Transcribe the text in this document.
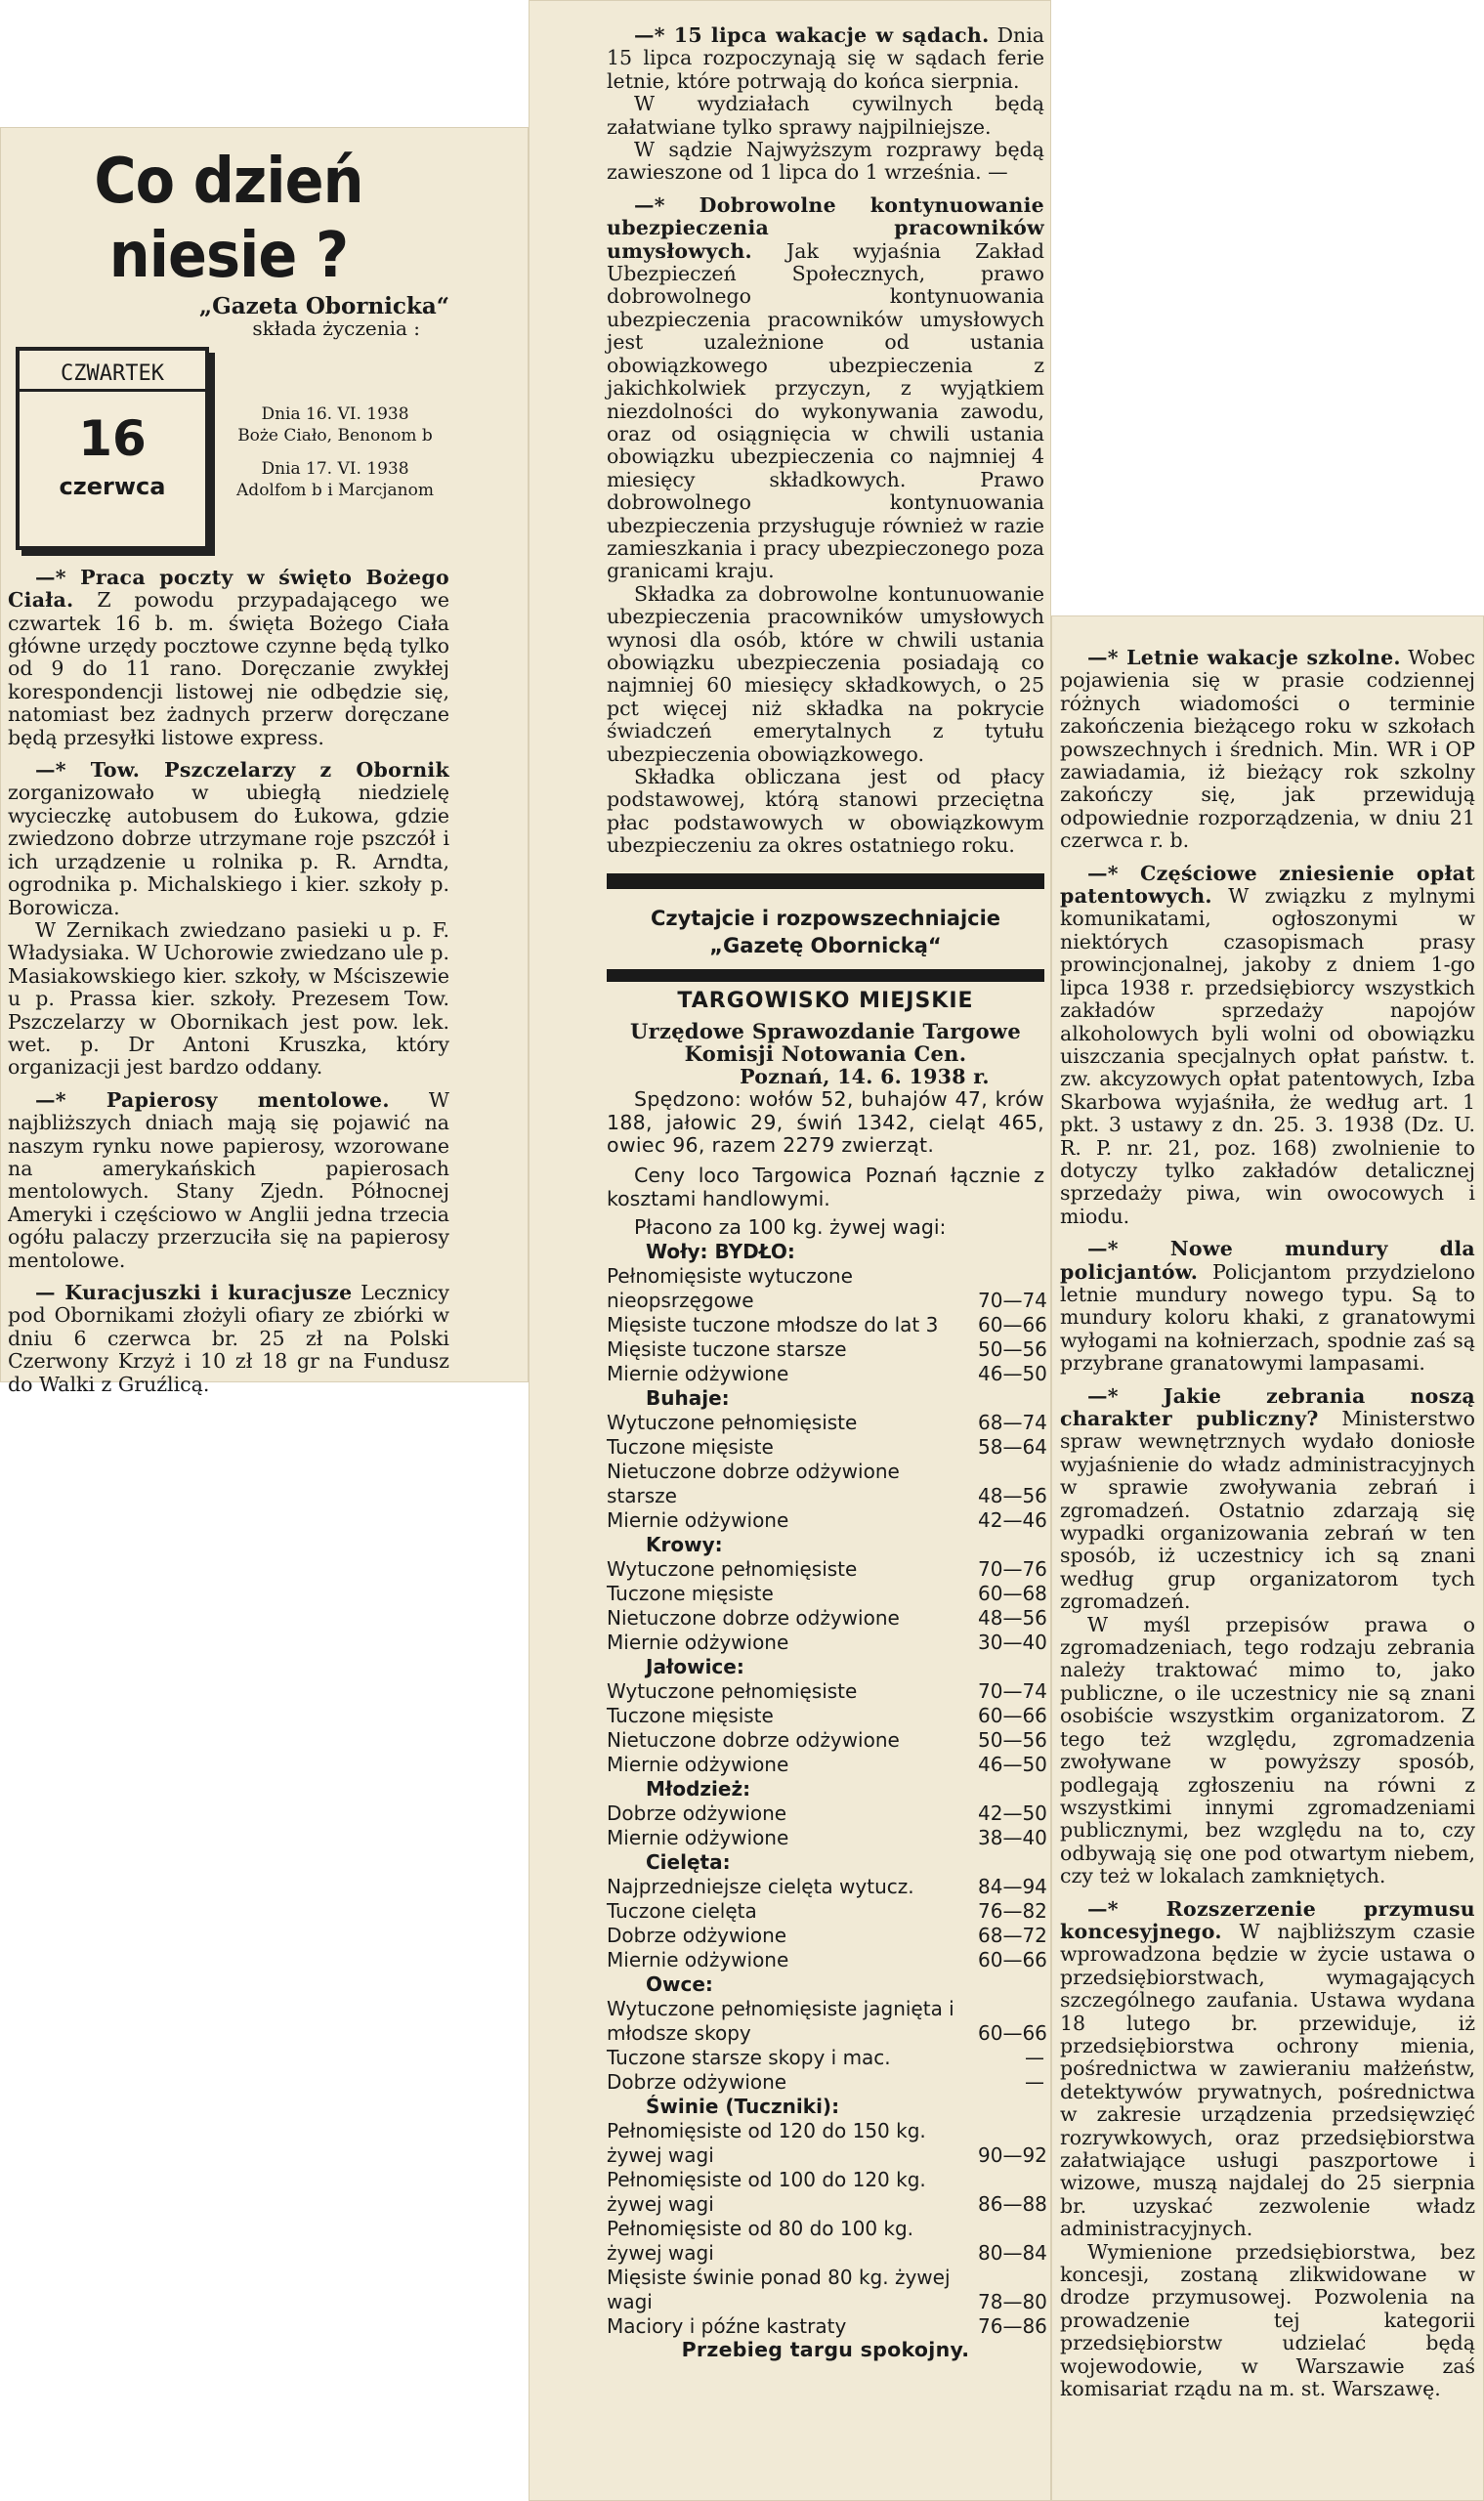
Co dzień niesie ?
„Gazeta Obornicka“
składa życzenia :
CZWARTEK
16
czerwca
Dnia 16. VI. 1938
Boże Ciało, Benonom b
Dnia 17. VI. 1938
Adolfom b i Marcjanom

—* Praca poczty w święto Bożego Ciała. Z powodu przypadającego we czwartek 16 b. m. święta Bożego Ciała główne urzędy pocztowe czynne będą tylko od 9 do 11 rano. Doręczanie zwykłej korespondencji listowej nie odbędzie się, natomiast bez żadnych przerw doręczane będą przesyłki listowe express.

—* Tow. Pszczelarzy z Obornik zorganizowało w ubiegłą niedzielę wycieczkę autobusem do Łukowa, gdzie zwiedzono dobrze utrzymane roje pszczół i ich urządzenie u rolnika p. R. Arndta, ogrodnika p. Michalskiego i kier. szkoły p. Borowicza.

W Zernikach zwiedzano pasieki u p. F. Władysiaka. W Uchorowie zwiedzano ule p. Masiakowskiego kier. szkoły, w Mściszewie u p. Prassa kier. szkoły. Prezesem Tow. Pszczelarzy w Obornikach jest pow. lek. wet. p. Dr Antoni Kruszka, który organizacji jest bardzo oddany.

—* Papierosy mentolowe. W najbliższych dniach mają się pojawić na naszym rynku nowe papierosy, wzorowane na amerykańskich papierosach mentolowych. Stany Zjedn. Północnej Ameryki i częściowo w Anglii jedna trzecia ogółu palaczy przerzuciła się na papierosy mentolowe.

— Kuracjuszki i kuracjusze Lecznicy pod Obornikami złożyli ofiary ze zbiórki w dniu 6 czerwca br. 25 zł na Polski Czerwony Krzyż i 10 zł 18 gr na Fundusz do Walki z Gruźlicą.

—* 15 lipca wakacje w sądach. Dnia 15 lipca rozpoczynają się w sądach ferie letnie, które potrwają do końca sierpnia.

W wydziałach cywilnych będą załatwiane tylko sprawy najpilniejsze.

W sądzie Najwyższym rozprawy będą zawieszone od 1 lipca do 1 września. —

—* Dobrowolne kontynuowanie ubezpieczenia pracowników umysłowych. Jak wyjaśnia Zakład Ubezpieczeń Społecznych, prawo dobrowolnego kontynuowania ubezpieczenia pracowników umysłowych jest uzależnione od ustania obowiązkowego ubezpieczenia z jakichkolwiek przyczyn, z wyjątkiem niezdolności do wykonywania zawodu, oraz od osiągnięcia w chwili ustania obowiązku ubezpieczenia co najmniej 4 miesięcy składkowych. Prawo dobrowolnego kontynuowania ubezpieczenia przysługuje również w razie zamieszkania i pracy ubezpieczonego poza granicami kraju.

Składka za dobrowolne kontunuowanie ubezpieczenia pracowników umysłowych wynosi dla osób, które w chwili ustania obowiązku ubezpieczenia posiadają co najmniej 60 miesięcy składkowych, o 25 pct więcej niż składka na pokrycie świadczeń emerytalnych z tytułu ubezpieczenia obowiązkowego.

Składka obliczana jest od płacy podstawowej, którą stanowi przeciętna płac podstawowych w obowiązkowym ubezpieczeniu za okres ostatniego roku.

Czytajcie i rozpowszechniajcie
„Gazetę Obornicką“
TARGOWISKO MIEJSKIE

Urzędowe Sprawozdanie Targowe Komisji Notowania Cen.

Poznań, 14. 6. 1938 r.

Spędzono: wołów 52, buhajów 47, krów 188, jałowic 29, świń 1342, cieląt 465, owiec 96, razem 2279 zwierząt.

Ceny loco Targowica Poznań łącznie z kosztami handlowymi.

Płacono za 100 kg. żywej wagi:

Woły: BYDŁO:
Pełnomięsiste wytuczone nieopsrzęgowe	70—74
Mięsiste tuczone młodsze do lat 3	60—66
Mięsiste tuczone starsze	50—56
Miernie odżywione	46—50
Buhaje:
Wytuczone pełnomięsiste	68—74
Tuczone mięsiste	58—64
Nietuczone dobrze odżywione starsze	48—56
Miernie odżywione	42—46
Krowy:
Wytuczone pełnomięsiste	70—76
Tuczone mięsiste	60—68
Nietuczone dobrze odżywione	48—56
Miernie odżywione	30—40
Jałowice:
Wytuczone pełnomięsiste	70—74
Tuczone mięsiste	60—66
Nietuczone dobrze odżywione	50—56
Miernie odżywione	46—50
Młodzież:
Dobrze odżywione	42—50
Miernie odżywione	38—40
Cielęta:
Najprzedniejsze cielęta wytucz.	84—94
Tuczone cielęta	76—82
Dobrze odżywione	68—72
Miernie odżywione	60—66
Owce:
Wytuczone pełnomięsiste jagnięta i młodsze skopy	60—66
Tuczone starsze skopy i mac.	—
Dobrze odżywione	—
Świnie (Tuczniki):
Pełnomięsiste od 120 do 150 kg. żywej wagi	90—92
Pełnomięsiste od 100 do 120 kg. żywej wagi	86—88
Pełnomięsiste od 80 do 100 kg. żywej wagi	80—84
Mięsiste świnie ponad 80 kg. żywej wagi	78—80
Maciory i późne kastraty	76—86

Przebieg targu spokojny.

—* Letnie wakacje szkolne. Wobec pojawienia się w prasie codziennej różnych wiadomości o terminie zakończenia bieżącego roku w szkołach powszechnych i średnich. Min. WR i OP zawiadamia, iż bieżący rok szkolny zakończy się, jak przewidują odpowiednie rozporządzenia, w dniu 21 czerwca r. b.

—* Częściowe zniesienie opłat patentowych. W związku z mylnymi komunikatami, ogłoszonymi w niektórych czasopismach prasy prowincjonalnej, jakoby z dniem 1-go lipca 1938 r. przedsiębiorcy wszystkich zakładów sprzedaży napojów alkoholowych byli wolni od obowiązku uiszczania specjalnych opłat państw. t. zw. akcyzowych opłat patentowych, Izba Skarbowa wyjaśniła, że według art. 1 pkt. 3 ustawy z dn. 25. 3. 1938 (Dz. U. R. P. nr. 21, poz. 168) zwolnienie to dotyczy tylko zakładów detalicznej sprzedaży piwa, win owocowych i miodu.

—* Nowe mundury dla policjantów. Policjantom przydzielono letnie mundury nowego typu. Są to mundury koloru khaki, z granatowymi wyłogami na kołnierzach, spodnie zaś są przybrane granatowymi lampasami.

—* Jakie zebrania noszą charakter publiczny? Ministerstwo spraw wewnętrznych wydało doniosłe wyjaśnienie do władz administracyjnych w sprawie zwoływania zebrań i zgromadzeń. Ostatnio zdarzają się wypadki organizowania zebrań w ten sposób, iż uczestnicy ich są znani według grup organizatorom tych zgromadzeń.

W myśl przepisów prawa o zgromadzeniach, tego rodzaju zebrania należy traktować mimo to, jako publiczne, o ile uczestnicy nie są znani osobiście wszystkim organizatorom. Z tego też względu, zgromadzenia zwoływane w powyższy sposób, podlegają zgłoszeniu na równi z wszystkimi innymi zgromadzeniami publicznymi, bez względu na to, czy odbywają się one pod otwartym niebem, czy też w lokalach zamkniętych.

—* Rozszerzenie przymusu koncesyjnego. W najbliższym czasie wprowadzona będzie w życie ustawa o przedsiębiorstwach, wymagających szczególnego zaufania. Ustawa wydana 18 lutego br. przewiduje, iż przedsiębiorstwa ochrony mienia, pośrednictwa w zawieraniu małżeństw, detektywów prywatnych, pośrednictwa w zakresie urządzenia przedsięwzięć rozrywkowych, oraz przedsiębiorstwa załatwiające usługi paszportowe i wizowe, muszą najdalej do 25 sierpnia br. uzyskać zezwolenie władz administracyjnych.

Wymienione przedsiębiorstwa, bez koncesji, zostaną zlikwidowane w drodze przymusowej. Pozwolenia na prowadzenie tej kategorii przedsiębiorstw udzielać będą wojewodowie, w Warszawie zaś komisariat rządu na m. st. Warszawę.
